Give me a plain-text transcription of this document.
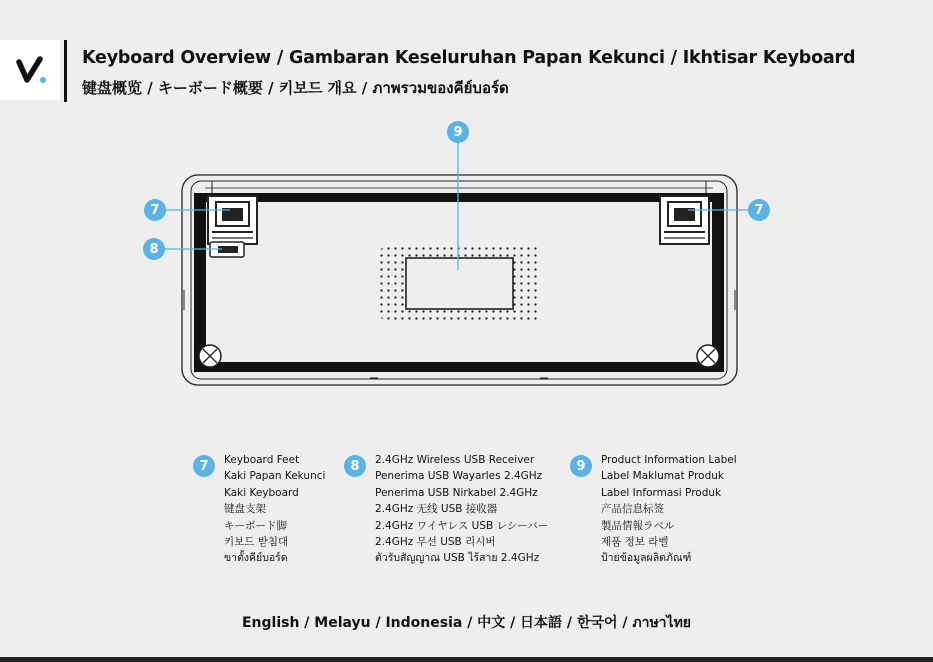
Keyboard Overview / Gambaran Keseluruhan Papan Kekunci / Ikhtisar Keyboard
键盘概览 / キーボード概要 / 키보드 개요 / ภาพรวมของคีย์บอร์ด
9
7	7
8
7	Keyboard Feet
Kaki Papan Kekunci
Kaki Keyboard
键盘支架
キーボード脚
키보드 받침대
ขาตั้งคีย์บอร์ด
8	2.4GHz Wireless USB Receiver
Penerima USB Wayarles 2.4GHz
Penerima USB Nirkabel 2.4GHz
2.4GHz 无线 USB 接收器
2.4GHz ワイヤレス USB レシーバー
2.4GHz 무선 USB 리시버
ตัวรับสัญญาณ USB ไร้สาย 2.4GHz
9	Product Information Label
Label Maklumat Produk
Label Informasi Produk
产品信息标签
製品情報ラベル
제품 정보 라벨
ป้ายข้อมูลผลิตภัณฑ์
English / Melayu / Indonesia / 中文 / 日本語 / 한국어 / ภาษาไทย
